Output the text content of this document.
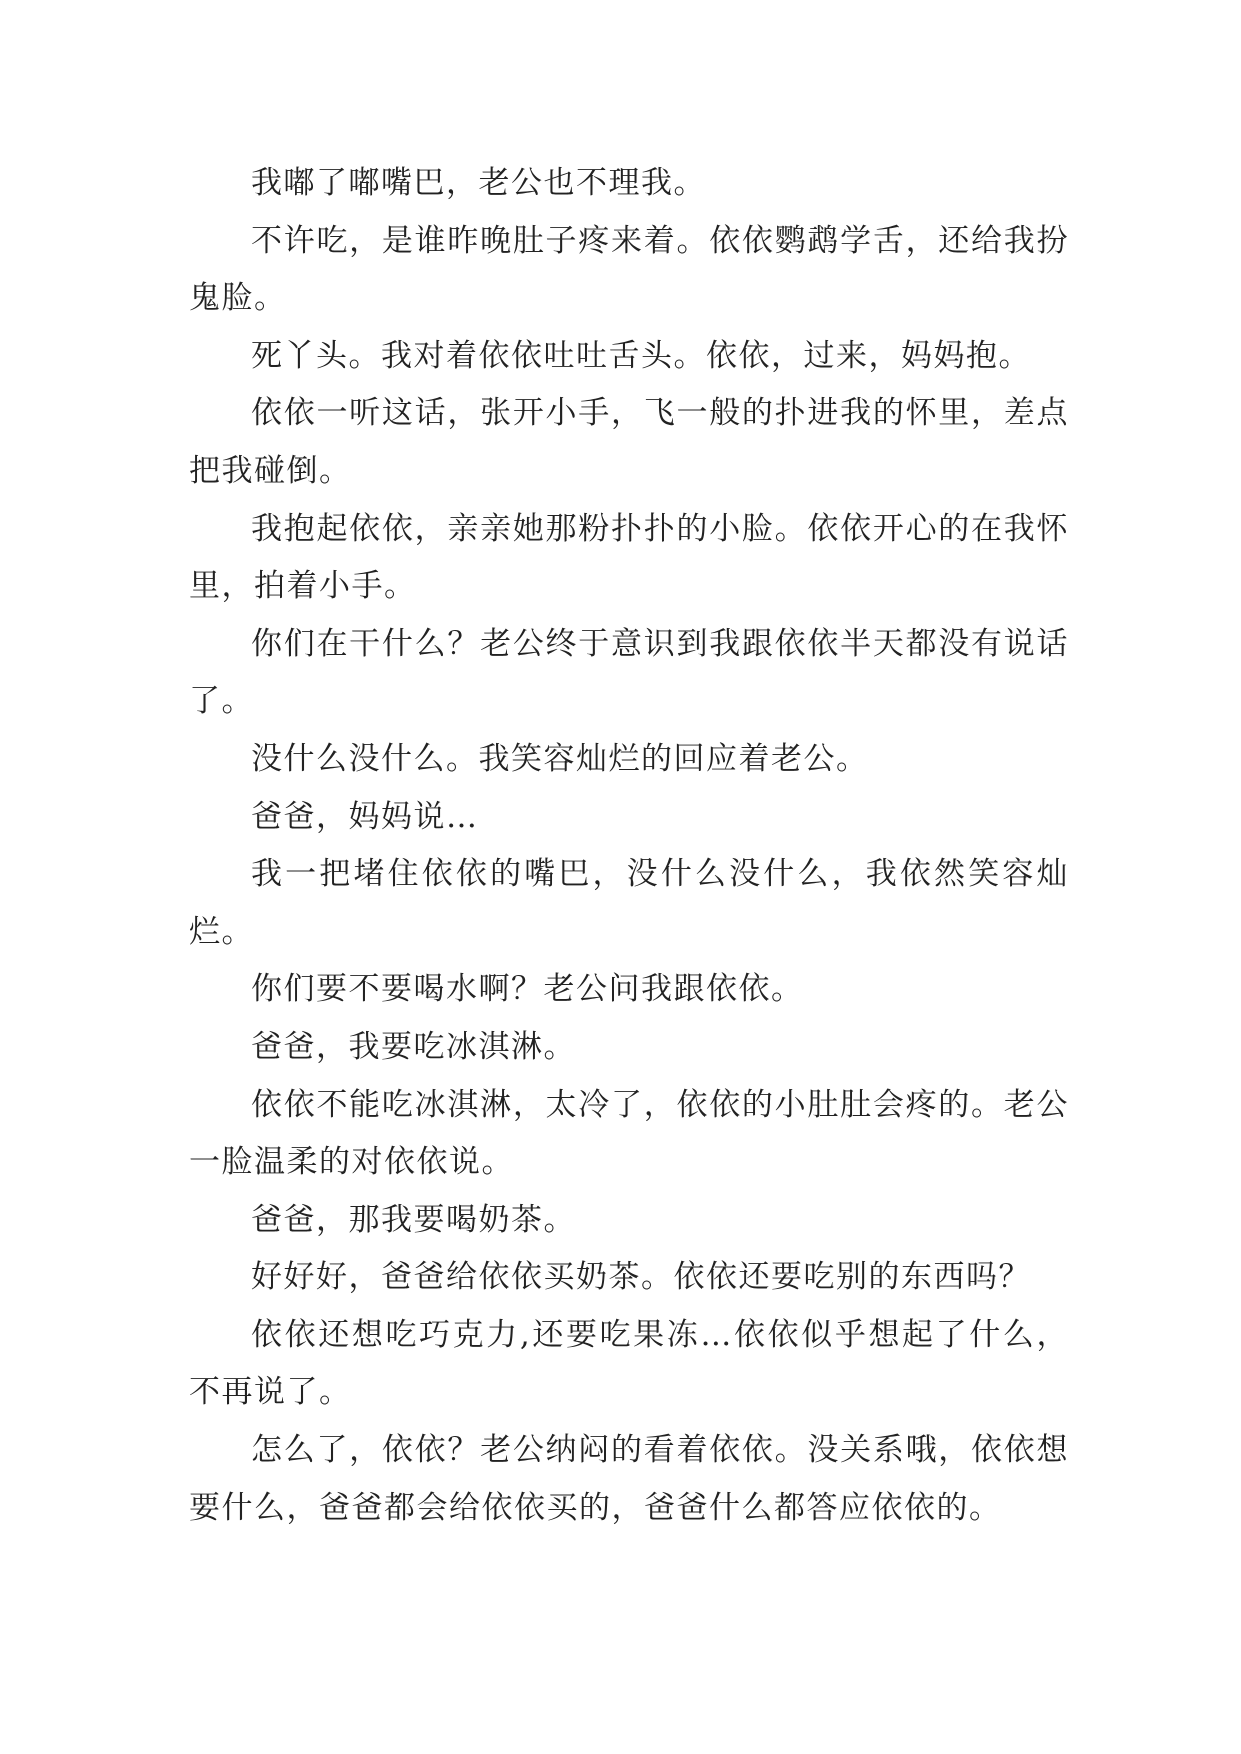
我嘟了嘟嘴巴，老公也不理我。

不许吃，是谁昨晚肚子疼来着。依依鹦鹉学舌，还给我扮鬼脸。

死丫头。我对着依依吐吐舌头。依依，过来，妈妈抱。

依依一听这话，张开小手，飞一般的扑进我的怀里，差点把我碰倒。

我抱起依依，亲亲她那粉扑扑的小脸。依依开心的在我怀里，拍着小手。

你们在干什么？老公终于意识到我跟依依半天都没有说话了。

没什么没什么。我笑容灿烂的回应着老公。

爸爸，妈妈说…

我一把堵住依依的嘴巴，没什么没什么，我依然笑容灿烂。

你们要不要喝水啊？老公问我跟依依。

爸爸，我要吃冰淇淋。

依依不能吃冰淇淋，太冷了，依依的小肚肚会疼的。老公一脸温柔的对依依说。

爸爸，那我要喝奶茶。

好好好，爸爸给依依买奶茶。依依还要吃别的东西吗？

依依还想吃巧克力,还要吃果冻…依依似乎想起了什么，不再说了。

怎么了，依依？老公纳闷的看着依依。没关系哦，依依想要什么，爸爸都会给依依买的，爸爸什么都答应依依的。
